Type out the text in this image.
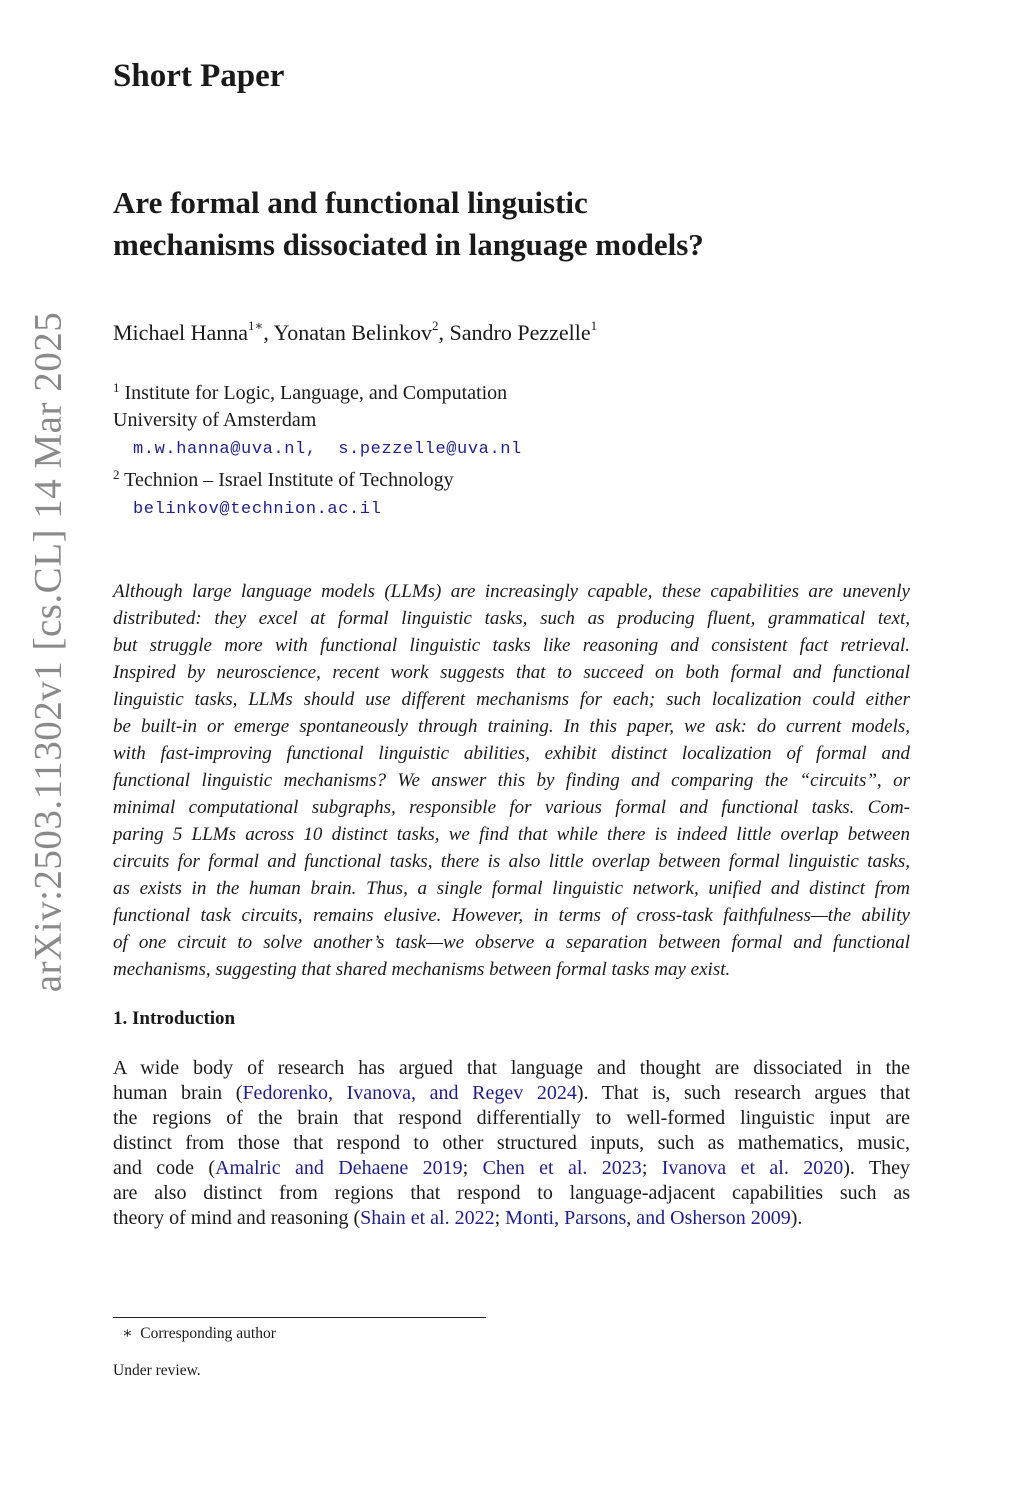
arXiv:2503.11302v1 [cs.CL] 14 Mar 2025
Short Paper
Are formal and functional linguistic
mechanisms dissociated in language models?
Michael Hanna$^{1∗}$, Yonatan Belinkov$^2$, Sandro Pezzelle$^1$
$^1$ Institute for Logic, Language, and Computation
University of Amsterdam
m.w.hanna@uva.nl,  s.pezzelle@uva.nl
$^2$ Technion – Israel Institute of Technology
belinkov@technion.ac.il
Although large language models (LLMs) are increasingly capable, these capabilities are unevenly
distributed: they excel at formal linguistic tasks, such as producing fluent, grammatical text,
but struggle more with functional linguistic tasks like reasoning and consistent fact retrieval.
Inspired by neuroscience, recent work suggests that to succeed on both formal and functional
linguistic tasks, LLMs should use different mechanisms for each; such localization could either
be built-in or emerge spontaneously through training. In this paper, we ask: do current models,
with fast-improving functional linguistic abilities, exhibit distinct localization of formal and
functional linguistic mechanisms? We answer this by finding and comparing the “circuits”, or
minimal computational subgraphs, responsible for various formal and functional tasks. Com-
paring 5 LLMs across 10 distinct tasks, we find that while there is indeed little overlap between
circuits for formal and functional tasks, there is also little overlap between formal linguistic tasks,
as exists in the human brain. Thus, a single formal linguistic network, unified and distinct from
functional task circuits, remains elusive. However, in terms of cross-task faithfulness—the ability
of one circuit to solve another’s task—we observe a separation between formal and functional
mechanisms, suggesting that shared mechanisms between formal tasks may exist.
1. Introduction
A wide body of research has argued that language and thought are dissociated in the
human brain (Fedorenko, Ivanova, and Regev 2024). That is, such research argues that
the regions of the brain that respond differentially to well-formed linguistic input are
distinct from those that respond to other structured inputs, such as mathematics, music,
and code (Amalric and Dehaene 2019; Chen et al. 2023; Ivanova et al. 2020). They
are also distinct from regions that respond to language-adjacent capabilities such as
theory of mind and reasoning (Shain et al. 2022; Monti, Parsons, and Osherson 2009).
∗ Corresponding author
Under review.
